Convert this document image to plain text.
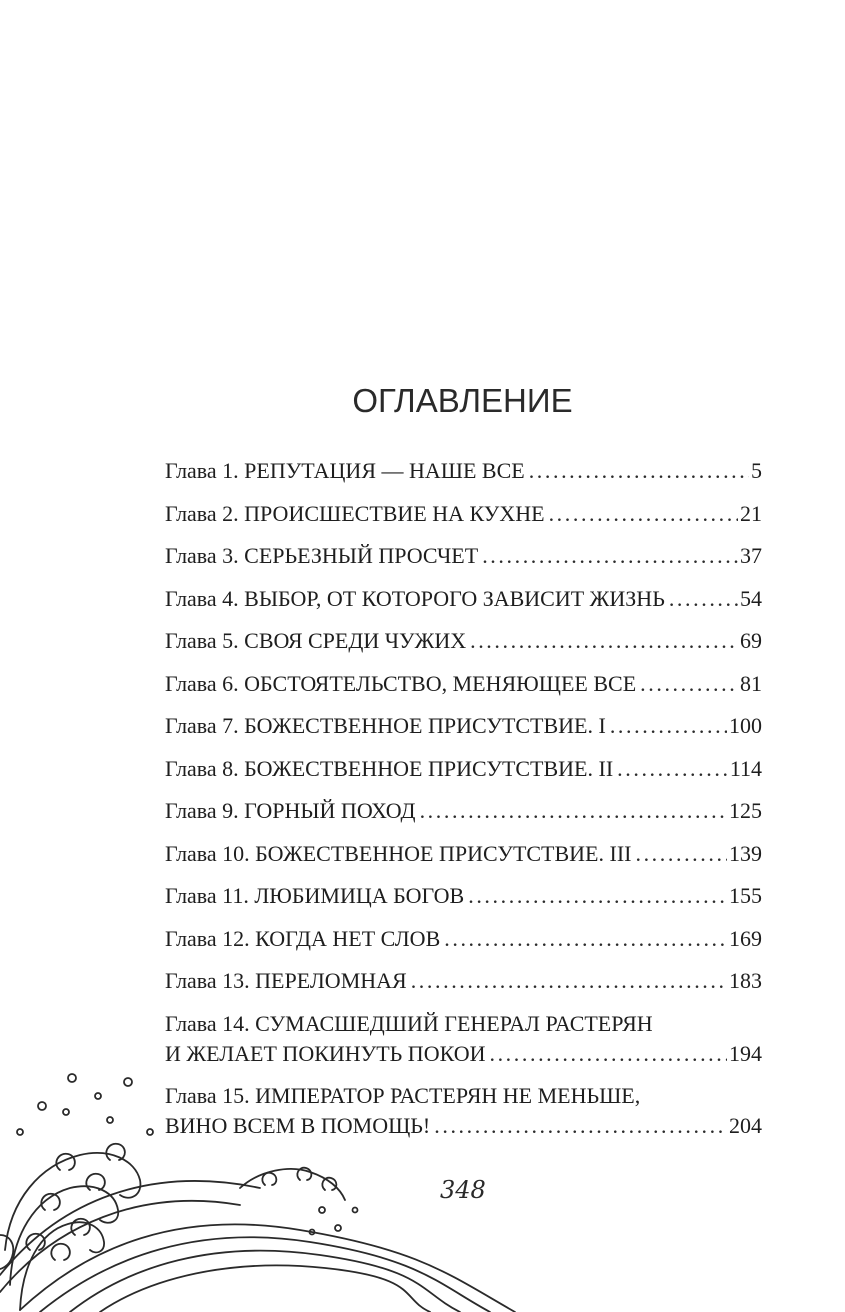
ОГЛАВЛЕНИЕ
Глава 1. РЕПУТАЦИЯ — НАШЕ ВСЕ .....	5
Глава 2. ПРОИСШЕСТВИЕ НА КУХНЕ .....	21
Глава 3. СЕРЬЕЗНЫЙ ПРОСЧЕТ .....	37
Глава 4. ВЫБОР, ОТ КОТОРОГО ЗАВИСИТ ЖИЗНЬ .....	54
Глава 5. СВОЯ СРЕДИ ЧУЖИХ .....	69
Глава 6. ОБСТОЯТЕЛЬСТВО, МЕНЯЮЩЕЕ ВСЕ .....	81
Глава 7. БОЖЕСТВЕННОЕ ПРИСУТСТВИЕ. I .....	100
Глава 8. БОЖЕСТВЕННОЕ ПРИСУТСТВИЕ. II .....	114
Глава 9. ГОРНЫЙ ПОХОД .....	125
Глава 10. БОЖЕСТВЕННОЕ ПРИСУТСТВИЕ. III .....	139
Глава 11. ЛЮБИМИЦА БОГОВ .....	155
Глава 12. КОГДА НЕТ СЛОВ .....	169
Глава 13. ПЕРЕЛОМНАЯ .....	183
Глава 14. СУМАСШЕДШИЙ ГЕНЕРАЛ РАСТЕРЯН
И ЖЕЛАЕТ ПОКИНУТЬ ПОКОИ .....	194
Глава 15. ИМПЕРАТОР РАСТЕРЯН НЕ МЕНЬШЕ,
ВИНО ВСЕМ В ПОМОЩЬ! .....	204
348
